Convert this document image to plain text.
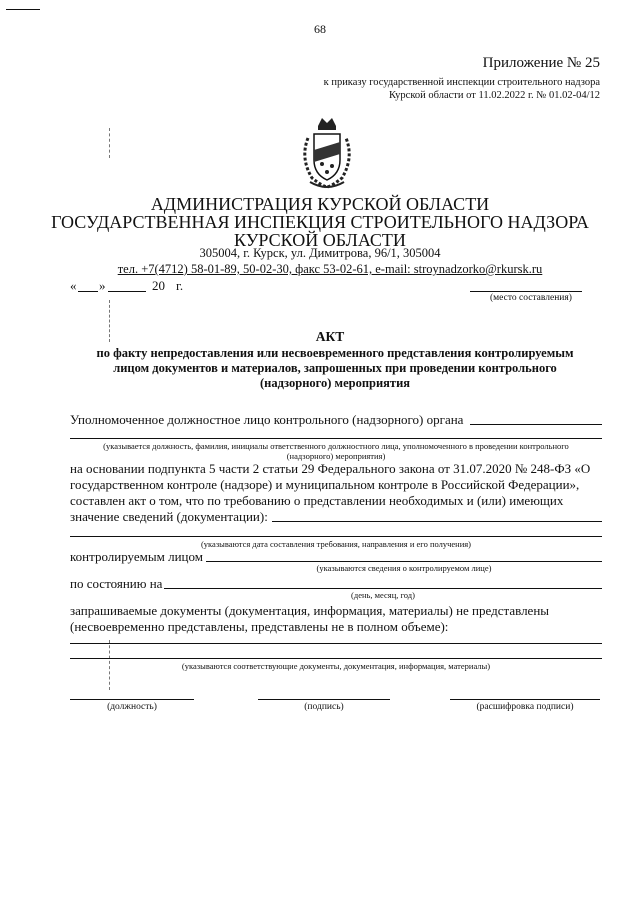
68
Приложение № 25
к приказу государственной инспекции строительного надзора
Курской области от 11.02.2022 г. № 01.02-04/12
АДМИНИСТРАЦИЯ КУРСКОЙ ОБЛАСТИ
ГОСУДАРСТВЕННАЯ ИНСПЕКЦИЯ СТРОИТЕЛЬНОГО НАДЗОРА
КУРСКОЙ ОБЛАСТИ
305004, г. Курск, ул. Димитрова, 96/1, 305004
тел. +7(4712) 58-01-89, 50-02-30, факс 53-02-61, e-mail: stroynadzorko@rkursk.ru
« »	20 г.
(место составления)
АКТ
по факту непредоставления или несвоевременного представления контролируемым
лицом документов и материалов, запрошенных при проведении контрольного
(надзорного) мероприятия
Уполномоченное должностное лицо контрольного (надзорного) органа
(указывается должность, фамилия, инициалы ответственного должностного лица, уполномоченного в проведении контрольного
(надзорного) мероприятия)
на основании подпункта 5 части 2 статьи 29 Федерального закона от 31.07.2020 № 248-ФЗ «О
государственном контроле (надзоре) и муниципальном контроле в Российской Федерации»,
составлен акт о том, что по требованию о представлении необходимых и (или) имеющих
значение сведений (документации):
(указываются дата составления требования, направления и его получения)
контролируемым лицом
(указываются сведения о контролируемом лице)
по состоянию на
(день, месяц, год)
запрашиваемые документы (документация, информация, материалы) не представлены
(несвоевременно представлены, представлены не в полном объеме):
(указываются соответствующие документы, документация, информация, материалы)
(должность)	(подпись)	(расшифровка подписи)
